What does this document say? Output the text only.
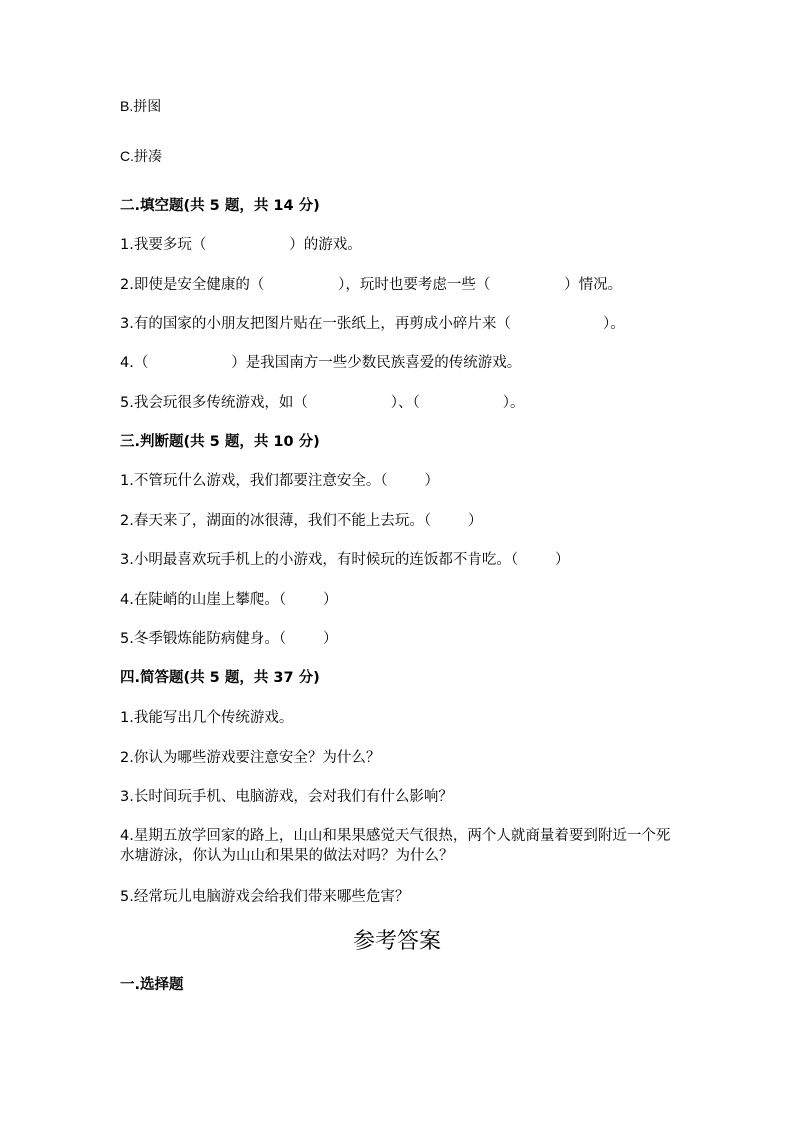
B.拼图
C.拼凑
二.填空题(共 5 题，共 14 分)
1.我要多玩（                  ）的游戏。
2.即使是安全健康的（                ），玩时也要考虑一些（                ）情况。
3.有的国家的小朋友把图片贴在一张纸上，再剪成小碎片来（                    ）。
4.（                  ）是我国南方一些少数民族喜爱的传统游戏。
5.我会玩很多传统游戏，如（                  ）、（                  ）。
三.判断题(共 5 题，共 10 分)
1.不管玩什么游戏，我们都要注意安全。（        ）
2.春天来了，湖面的冰很薄，我们不能上去玩。（        ）
3.小明最喜欢玩手机上的小游戏，有时候玩的连饭都不肯吃。（        ）
4.在陡峭的山崖上攀爬。（        ）
5.冬季锻炼能防病健身。（        ）
四.简答题(共 5 题，共 37 分)
1.我能写出几个传统游戏。
2.你认为哪些游戏要注意安全？为什么？
3.长时间玩手机、电脑游戏，会对我们有什么影响？
4.星期五放学回家的路上，山山和果果感觉天气很热，两个人就商量着要到附近一个死水塘游泳，你认为山山和果果的做法对吗？为什么？
5.经常玩儿电脑游戏会给我们带来哪些危害？
参考答案
一.选择题
